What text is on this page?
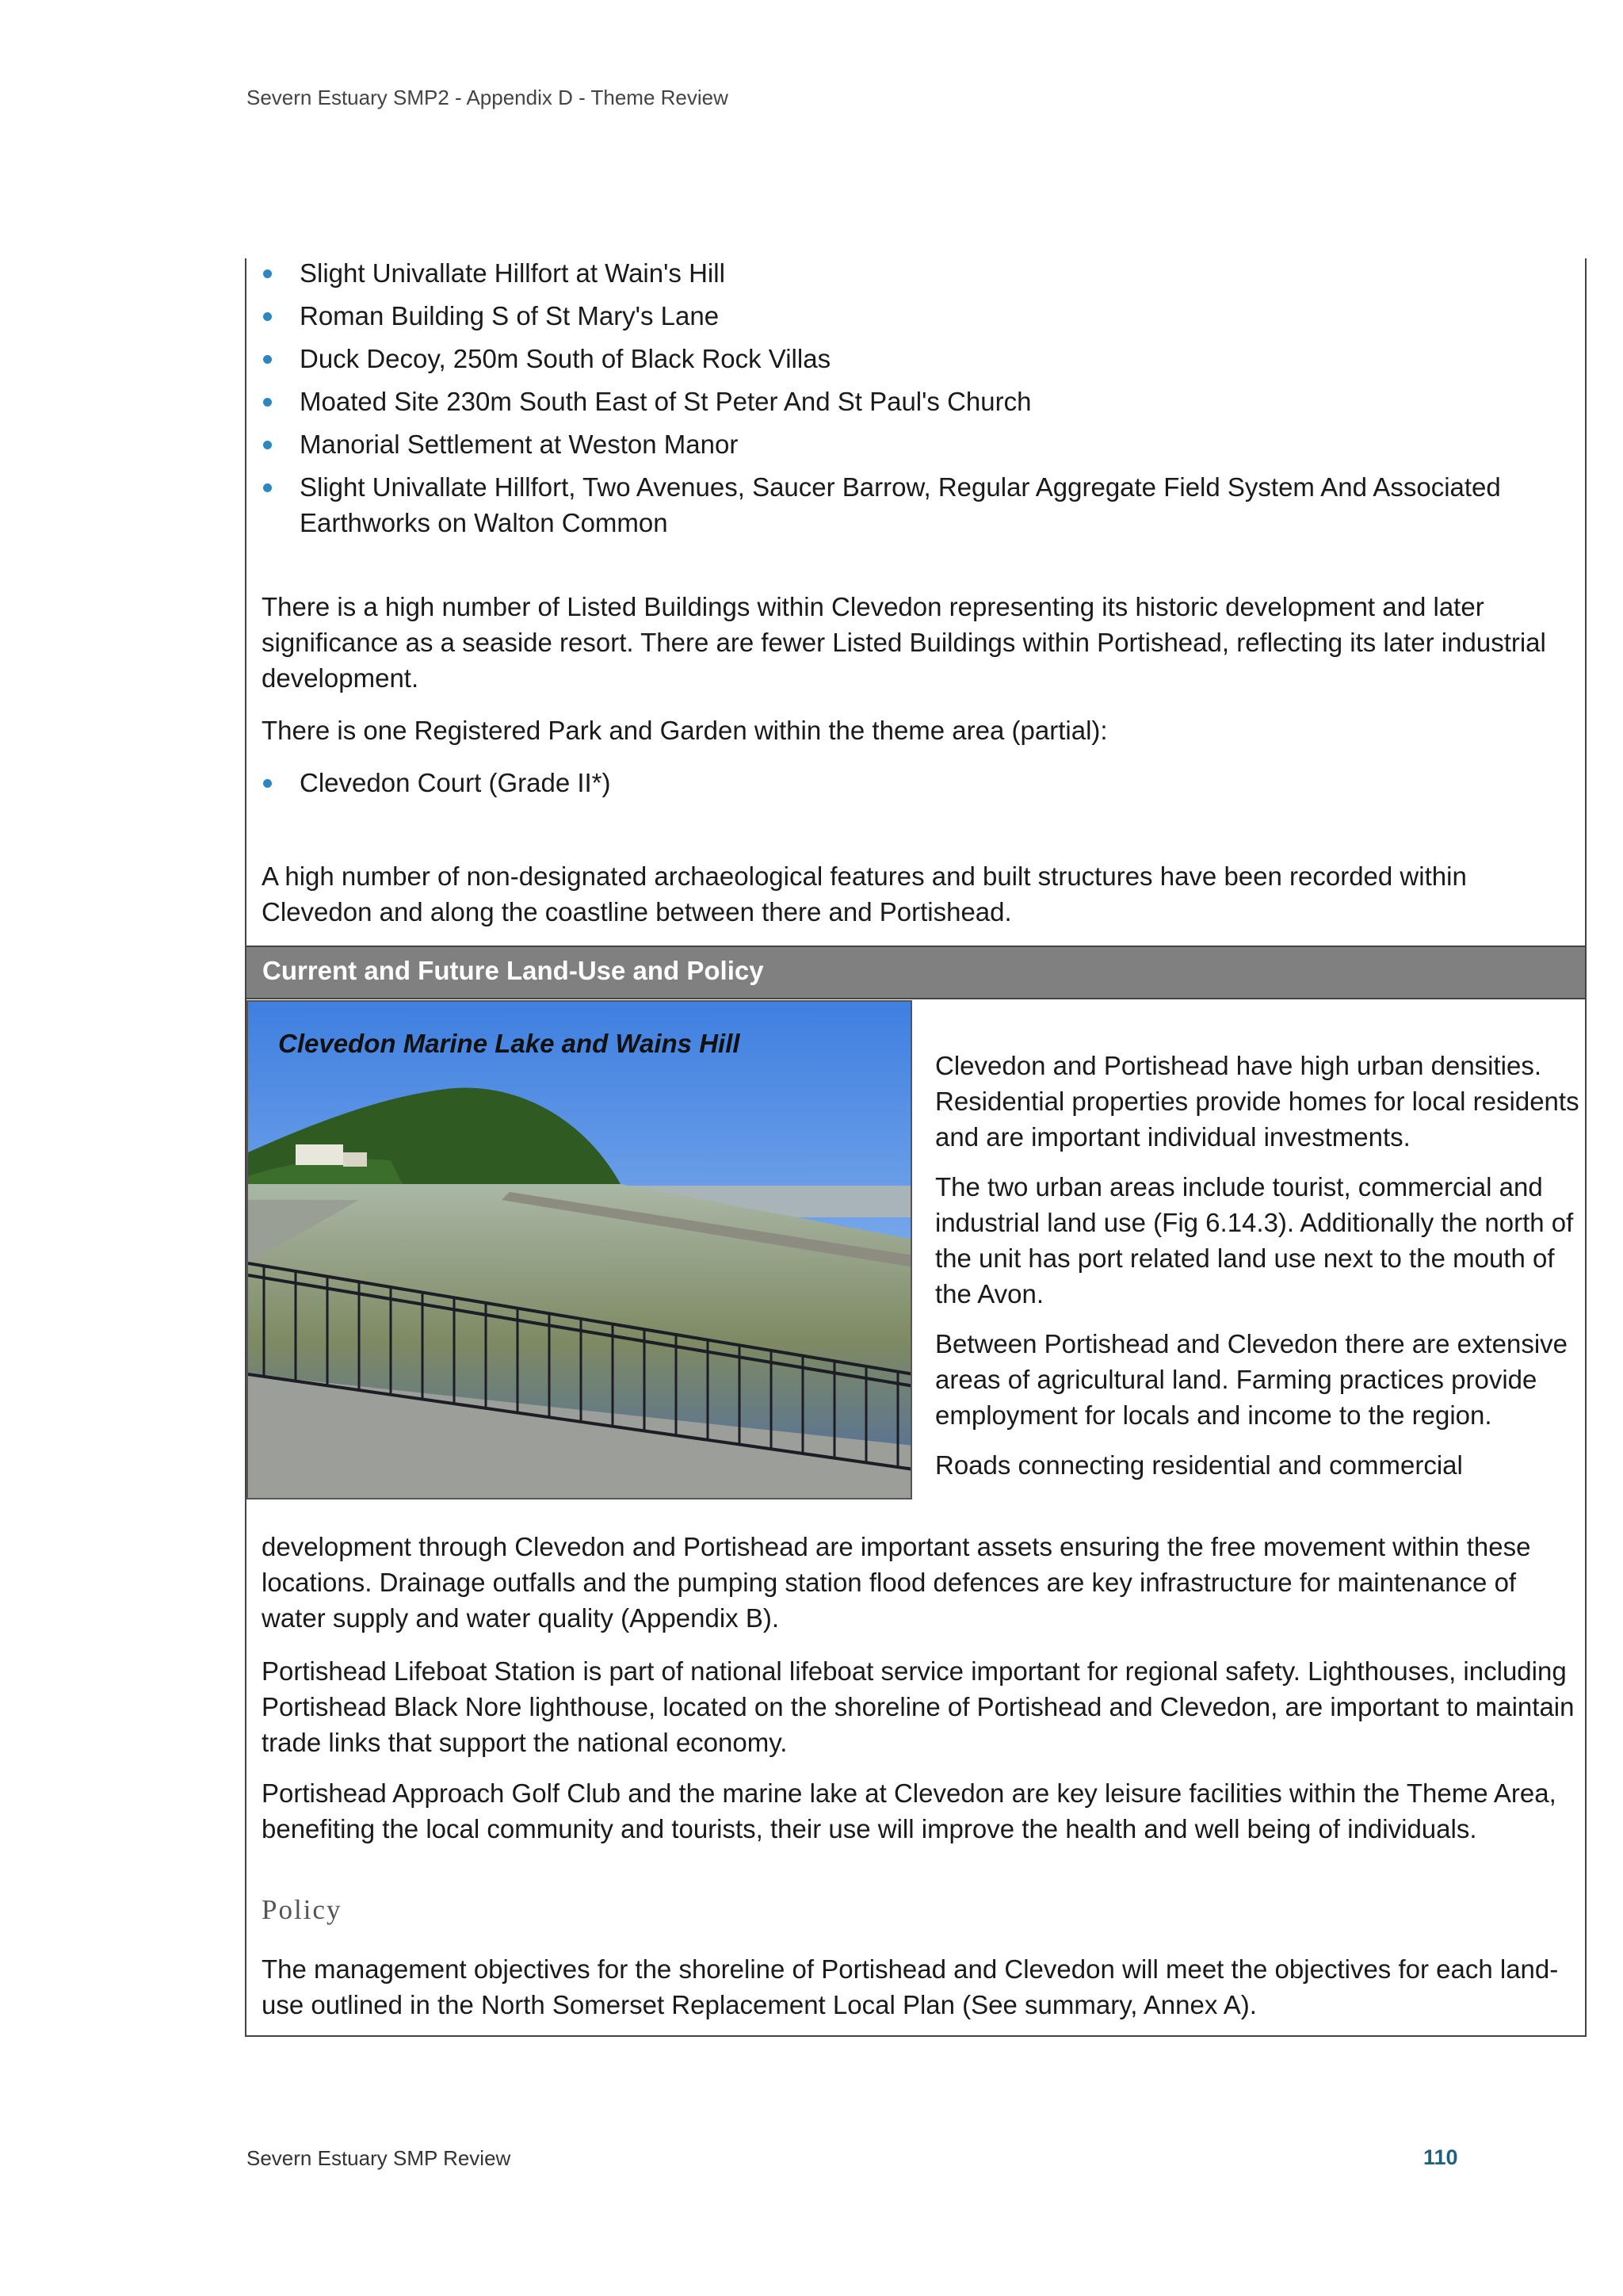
Severn Estuary SMP2 - Appendix D - Theme Review
Slight Univallate Hillfort at Wain's Hill
Roman Building S of St Mary's Lane
Duck Decoy, 250m South of Black Rock Villas
Moated Site 230m South East of St Peter And St Paul's Church
Manorial Settlement at Weston Manor
Slight Univallate Hillfort, Two Avenues, Saucer Barrow, Regular Aggregate Field System And Associated Earthworks on Walton Common

There is a high number of Listed Buildings within Clevedon representing its historic development and later significance as a seaside resort. There are fewer Listed Buildings within Portishead, reflecting its later industrial development.

There is one Registered Park and Garden within the theme area (partial):

Clevedon Court (Grade II*)

A high number of non-designated archaeological features and built structures have been recorded within Clevedon and along the coastline between there and Portishead.

Current and Future Land-Use and Policy
Clevedon Marine Lake and Wains Hill

Clevedon and Portishead have high urban densities. Residential properties provide homes for local residents and are important individual investments.

The two urban areas include tourist, commercial and industrial land use (Fig 6.14.3). Additionally the north of the unit has port related land use next to the mouth of the Avon.

Between Portishead and Clevedon there are extensive areas of agricultural land. Farming practices provide employment for locals and income to the region.

Roads connecting residential and commercial

development through Clevedon and Portishead are important assets ensuring the free movement within these locations. Drainage outfalls and the pumping station flood defences are key infrastructure for maintenance of water supply and water quality (Appendix B).

Portishead Lifeboat Station is part of national lifeboat service important for regional safety. Lighthouses, including Portishead Black Nore lighthouse, located on the shoreline of Portishead and Clevedon, are important to maintain trade links that support the national economy.

Portishead Approach Golf Club and the marine lake at Clevedon are key leisure facilities within the Theme Area, benefiting the local community and tourists, their use will improve the health and well being of individuals.

Policy

The management objectives for the shoreline of Portishead and Clevedon will meet the objectives for each land-use outlined in the North Somerset Replacement Local Plan (See summary, Annex A).

Severn Estuary SMP Review	110
